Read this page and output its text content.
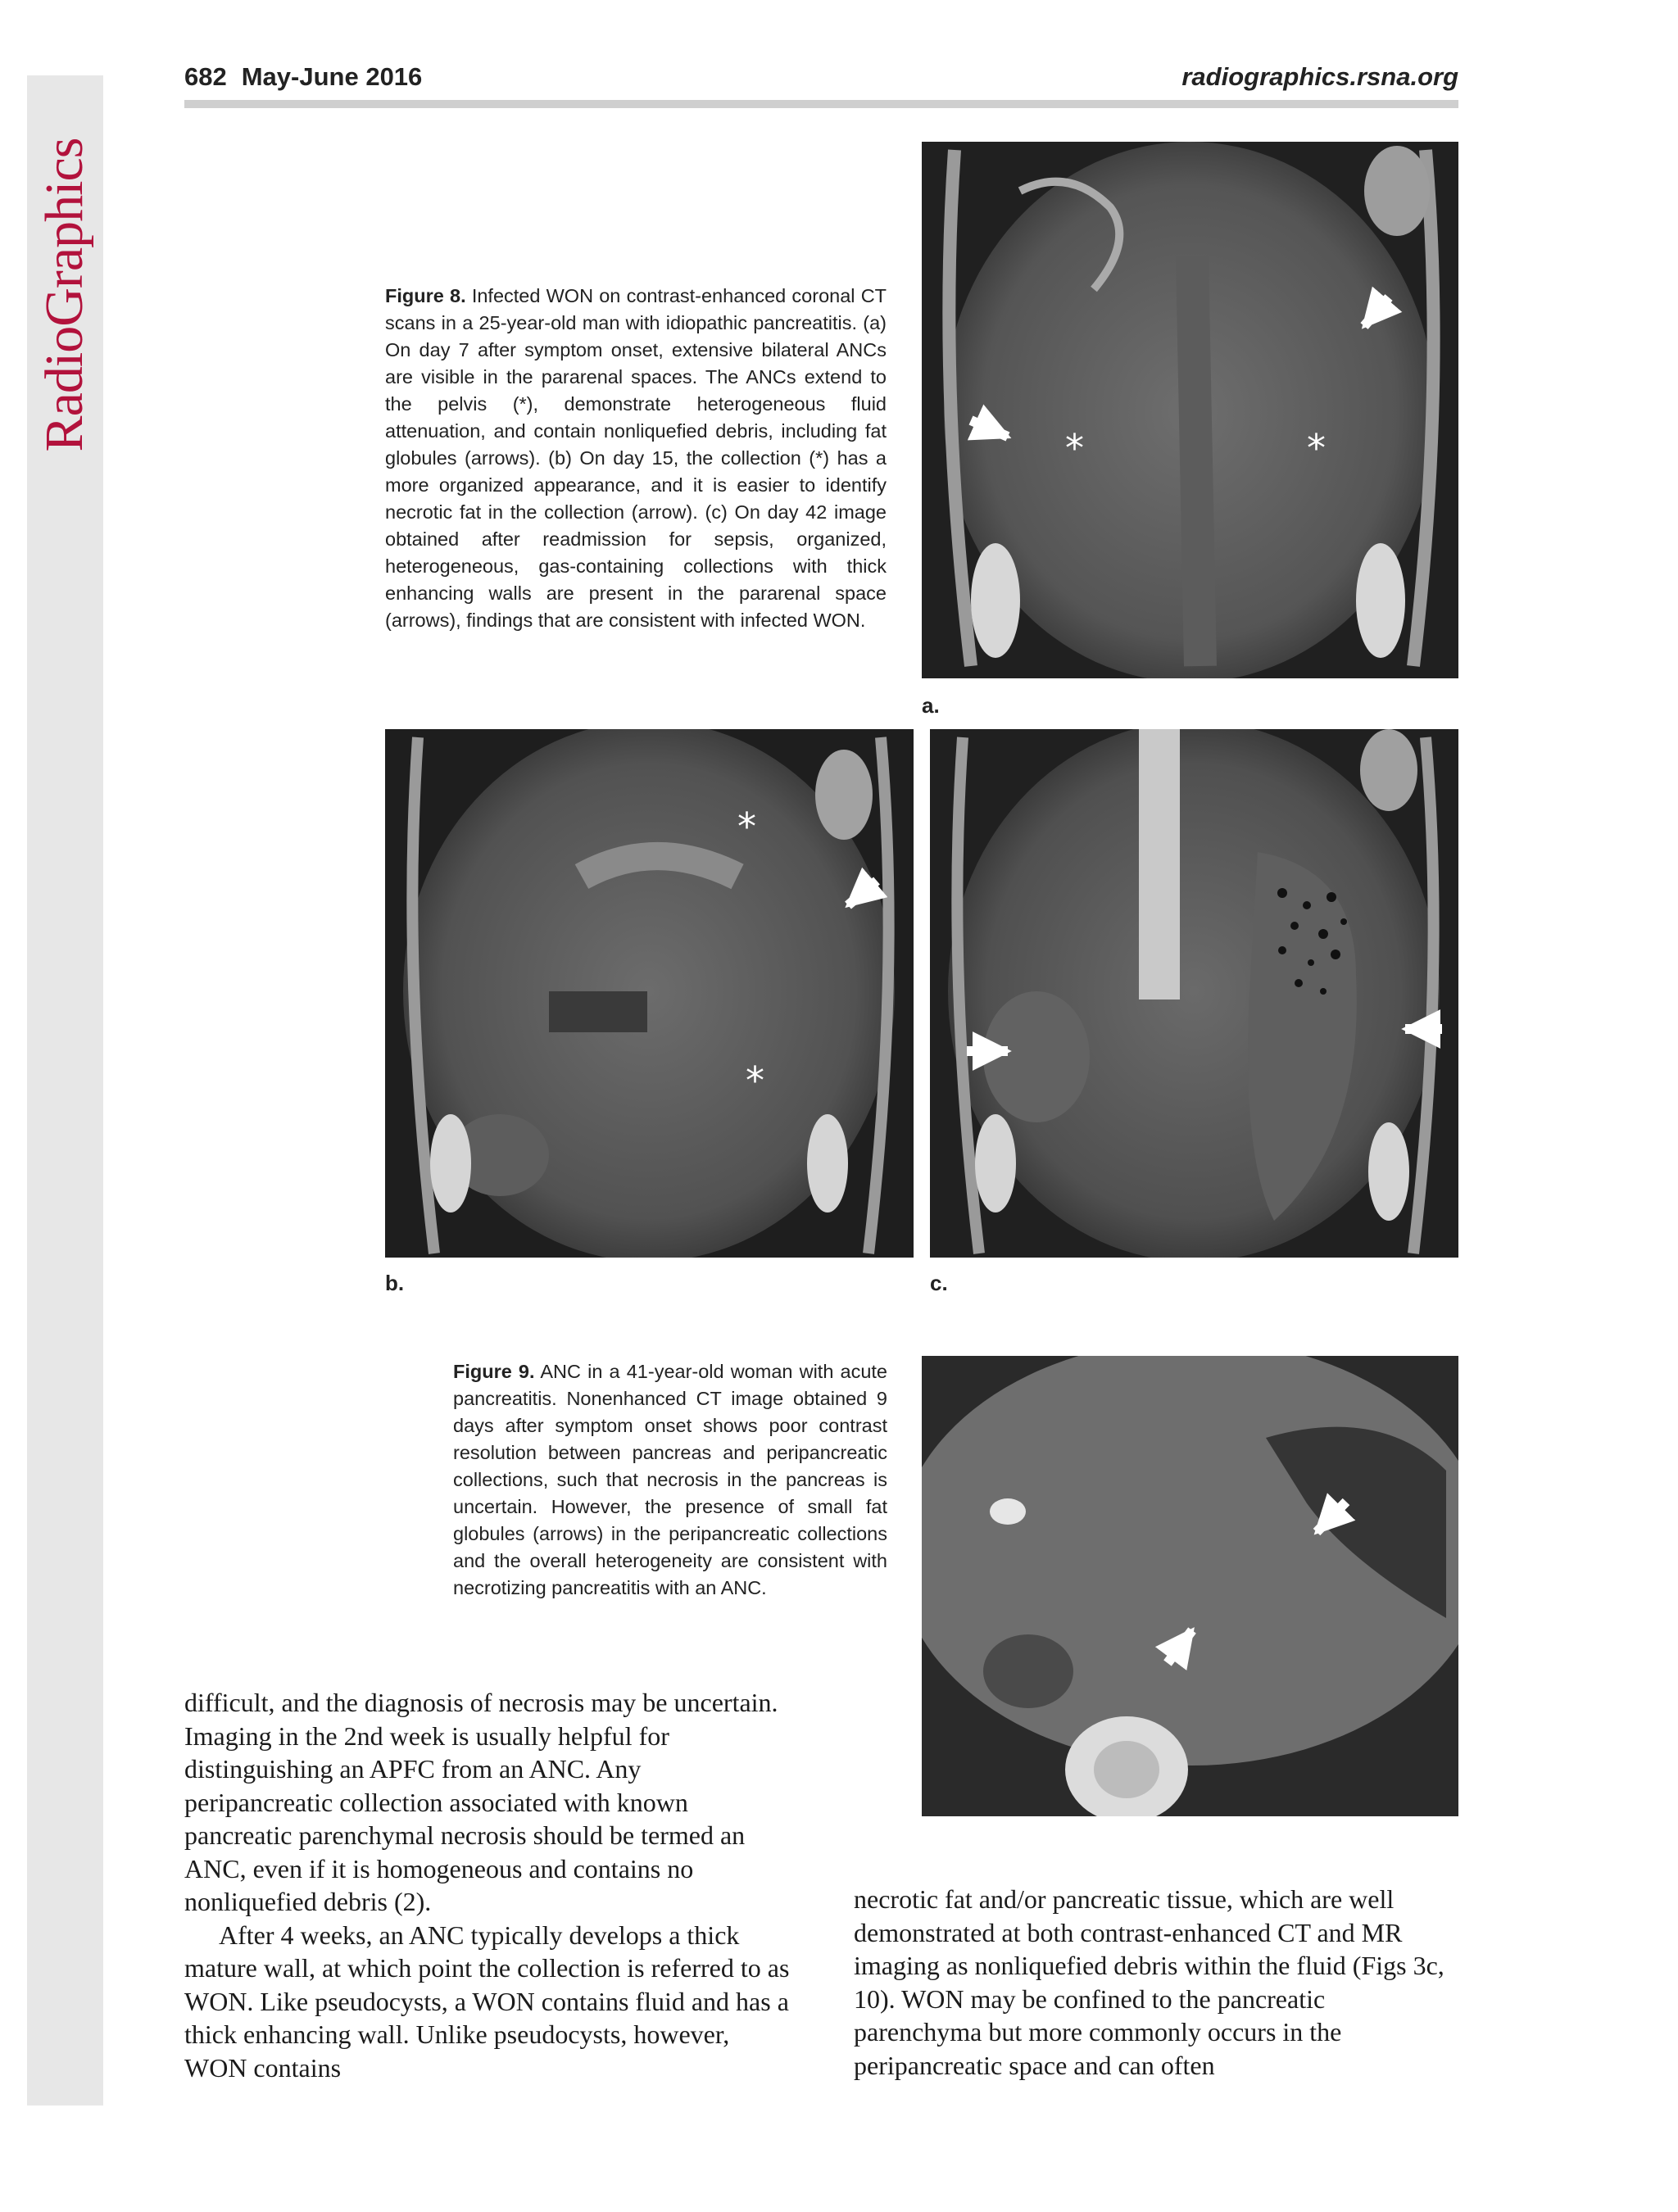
RadioGraphics
682 May-June 2016	radiographics.rsna.org
Figure 8. Infected WON on contrast-enhanced coronal CT scans in a 25-year-old man with idiopathic pancreatitis. (a) On day 7 after symptom onset, extensive bilateral ANCs are visible in the pararenal spaces. The ANCs extend to the pelvis (*), demonstrate heterogeneous fluid attenuation, and contain nonliquefied debris, including fat globules (arrows). (b) On day 15, the collection (*) has a more organized appearance, and it is easier to identify necrotic fat in the collection (arrow). (c) On day 42 image obtained after readmission for sepsis, organized, heterogeneous, gas-containing collections with thick enhancing walls are present in the pararenal space (arrows), findings that are consistent with infected WON.
*	*
a.
*
*
b.	c.
Figure 9. ANC in a 41-year-old woman with acute pancreatitis. Nonenhanced CT image obtained 9 days after symptom onset shows poor contrast resolution between pancreas and peripancreatic collections, such that necrosis in the pancreas is uncertain. However, the presence of small fat globules (arrows) in the peripancreatic collections and the overall heterogeneity are consistent with necrotizing pancreatitis with an ANC.

difficult, and the diagnosis of necrosis may be uncertain. Imaging in the 2nd week is usually helpful for distinguishing an APFC from an ANC. Any peripancreatic collection associated with known pancreatic parenchymal necrosis should be termed an ANC, even if it is homogeneous and contains no nonliquefied debris (2).

After 4 weeks, an ANC typically develops a thick mature wall, at which point the collection is referred to as WON. Like pseudocysts, a WON contains fluid and has a thick enhancing wall. Unlike pseudocysts, however, WON contains

necrotic fat and/or pancreatic tissue, which are well demonstrated at both contrast-enhanced CT and MR imaging as nonliquefied debris within the fluid (Figs 3c, 10). WON may be confined to the pancreatic parenchyma but more commonly occurs in the peripancreatic space and can often
